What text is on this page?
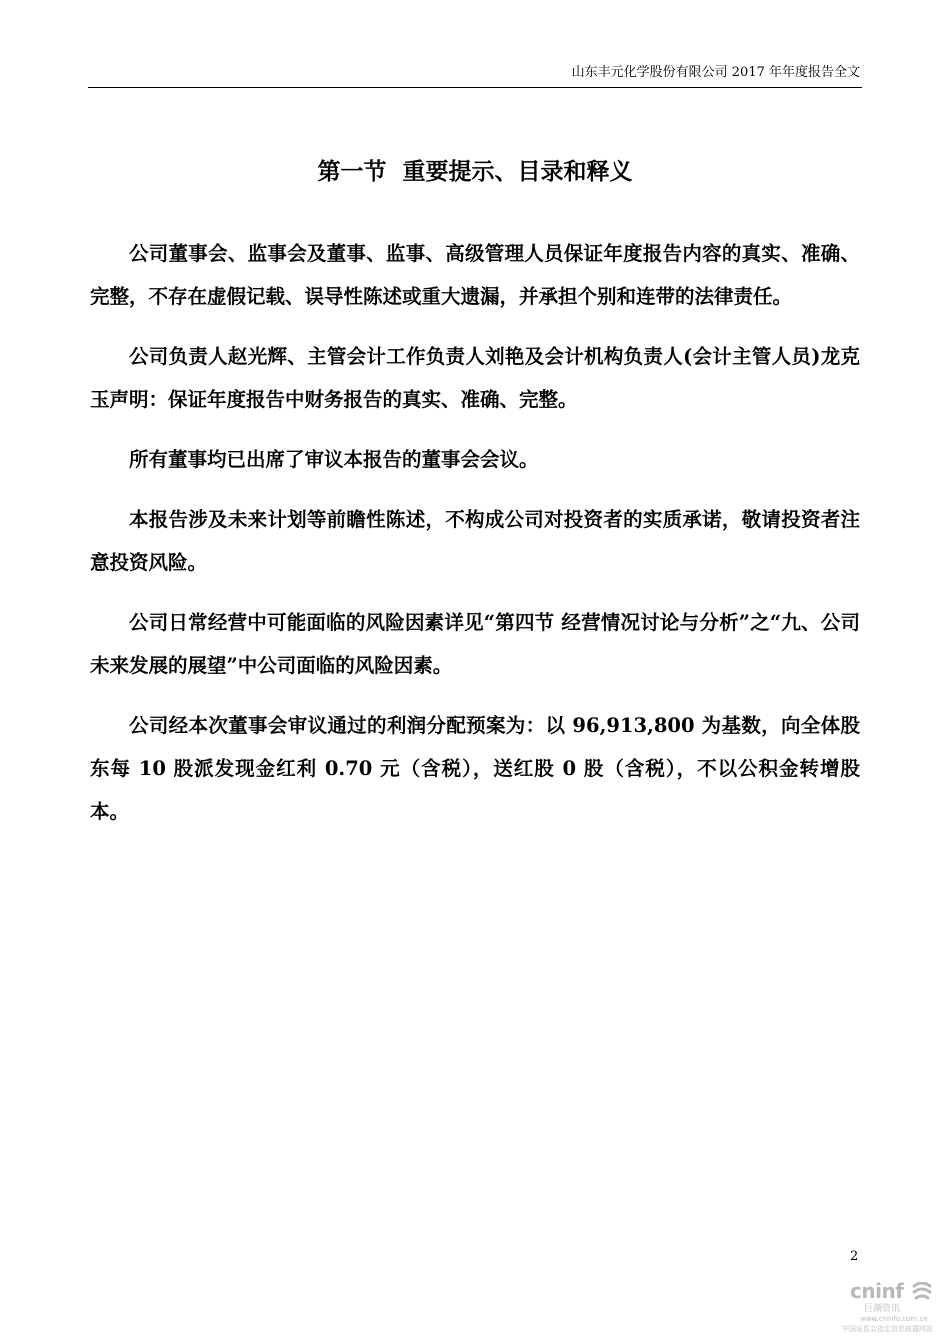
山东丰元化学股份有限公司 2017 年年度报告全文
第一节  重要提示、目录和释义

公司董事会、监事会及董事、监事、高级管理人员保证年度报告内容的真实、准确、完整，不存在虚假记载、误导性陈述或重大遗漏，并承担个别和连带的法律责任。

公司负责人赵光辉、主管会计工作负责人刘艳及会计机构负责人(会计主管人员)龙克玉声明：保证年度报告中财务报告的真实、准确、完整。

所有董事均已出席了审议本报告的董事会会议。

本报告涉及未来计划等前瞻性陈述，不构成公司对投资者的实质承诺，敬请投资者注意投资风险。

公司日常经营中可能面临的风险因素详见“第四节 经营情况讨论与分析”之“九、公司未来发展的展望”中公司面临的风险因素。

公司经本次董事会审议通过的利润分配预案为：以 96,913,800 为基数，向全体股东每 10 股派发现金红利 0.70 元（含税），送红股 0 股（含税），不以公积金转增股本。

2
cninf
巨潮资讯
www.cninfo.com.cn
中国证监会指定信息披露网站
